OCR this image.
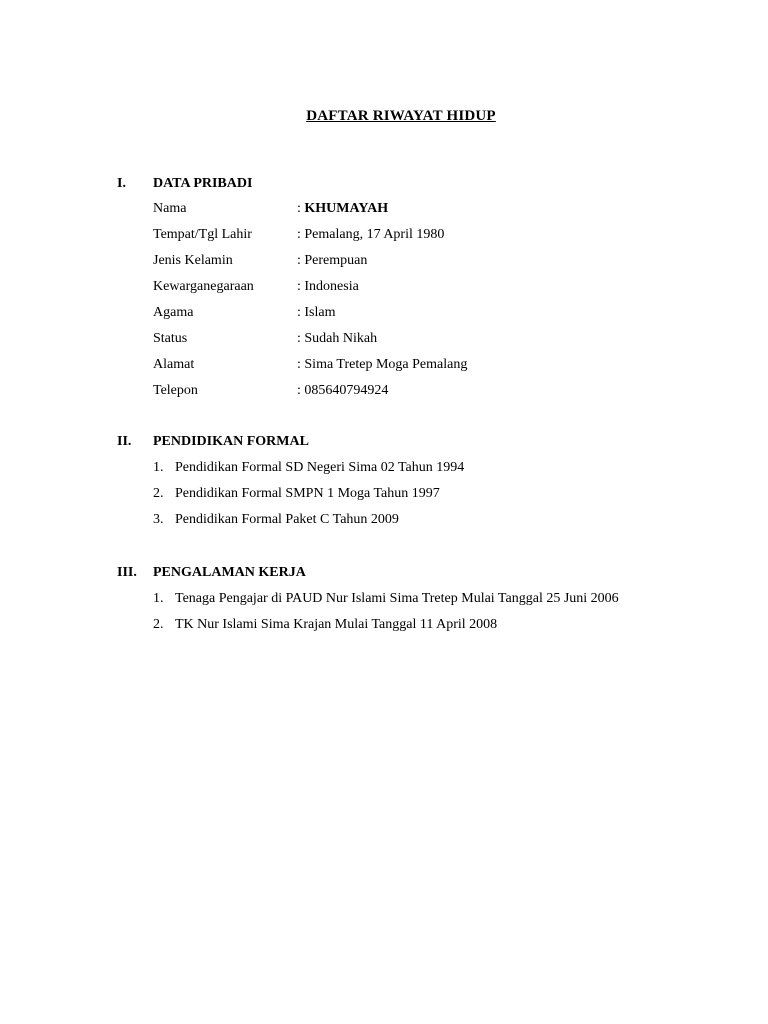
DAFTAR RIWAYAT HIDUP
I. DATA PRIBADI
Nama	: KHUMAYAH
Tempat/Tgl Lahir	: Pemalang, 17 April 1980
Jenis Kelamin	: Perempuan
Kewarganegaraan	: Indonesia
Agama	: Islam
Status	: Sudah Nikah
Alamat	: Sima Tretep Moga Pemalang
Telepon	: 085640794924
II. PENDIDIKAN FORMAL
1. Pendidikan Formal SD Negeri Sima 02 Tahun 1994
2. Pendidikan Formal SMPN 1 Moga Tahun 1997
3. Pendidikan Formal Paket C Tahun 2009
III. PENGALAMAN KERJA
1. Tenaga Pengajar di PAUD Nur Islami Sima Tretep Mulai Tanggal 25 Juni 2006
2. TK Nur Islami Sima Krajan Mulai Tanggal 11 April 2008
